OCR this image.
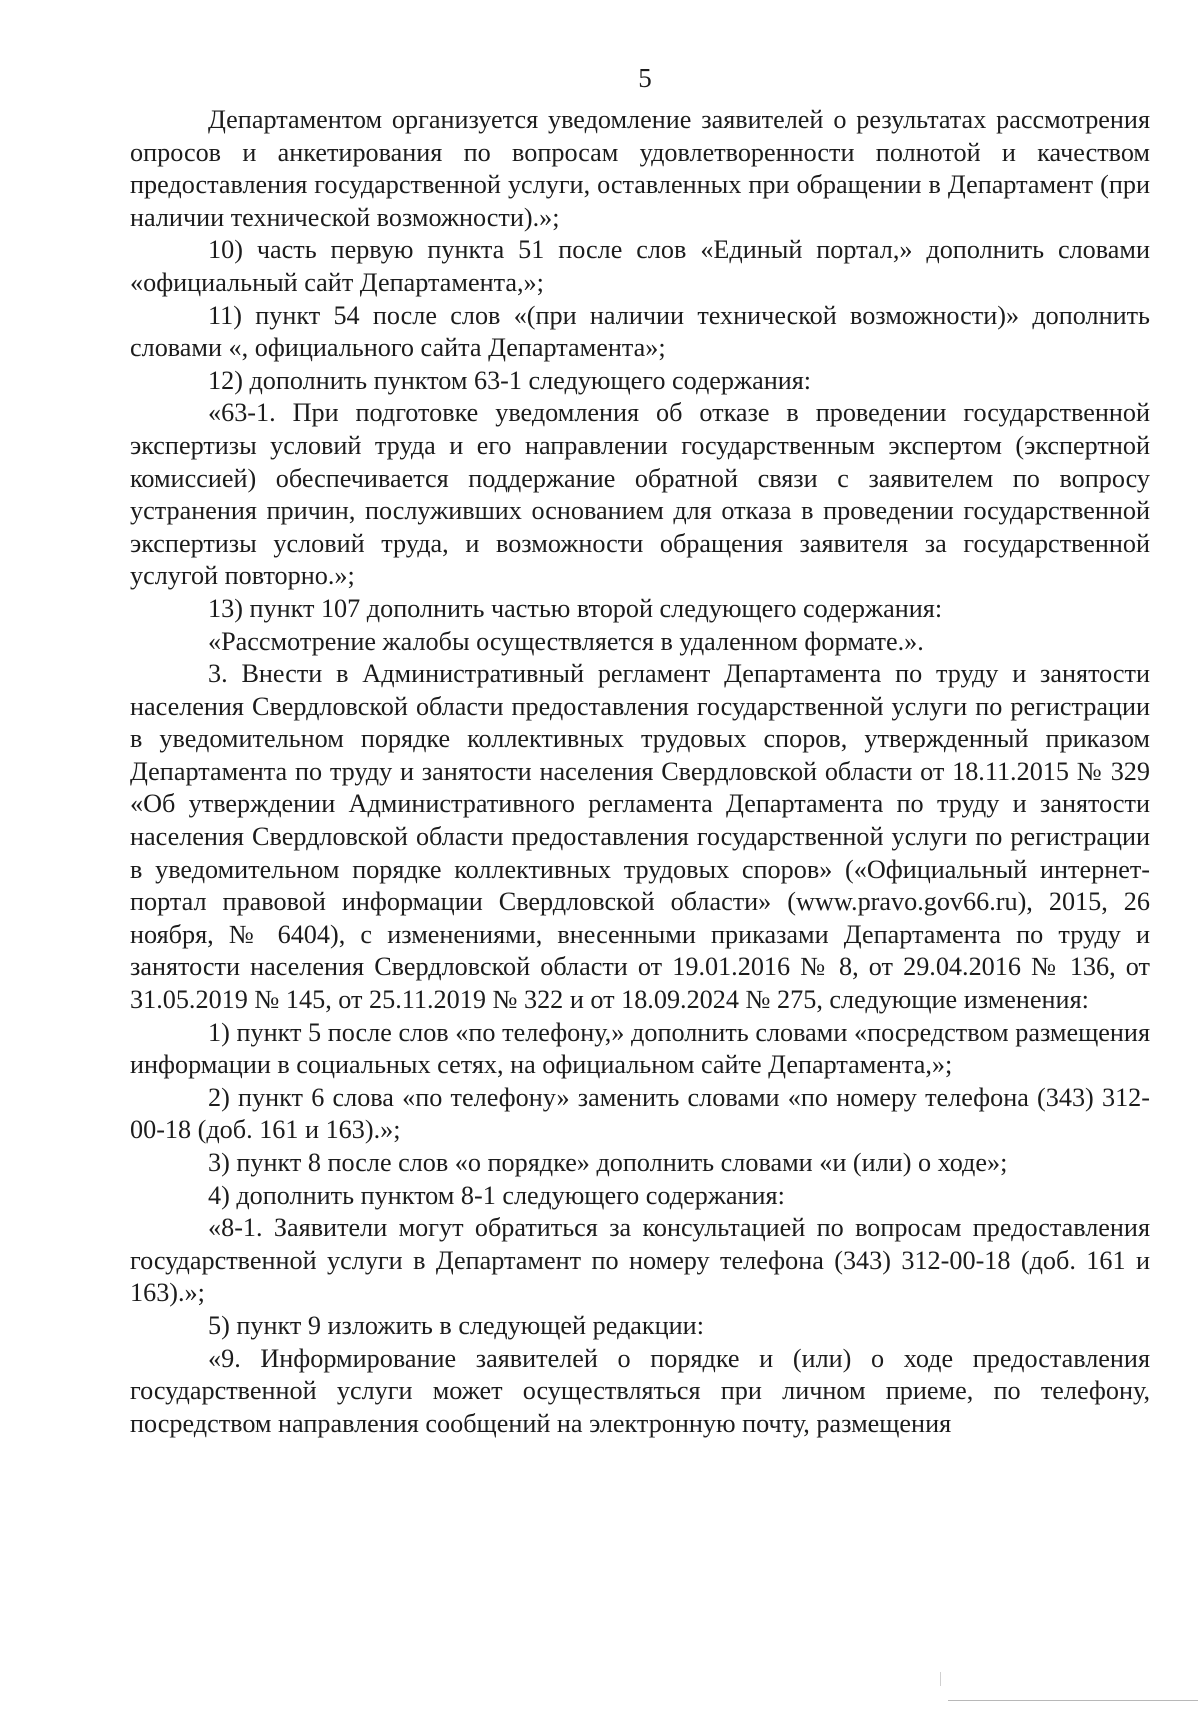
5

Департаментом организуется уведомление заявителей о результатах рассмотрения опросов и анкетирования по вопросам удовлетворенности полнотой и качеством предоставления государственной услуги, оставленных при обращении в Департамент (при наличии технической возможности).»;

10) часть первую пункта 51 после слов «Единый портал,» дополнить словами «официальный сайт Департамента,»;

11) пункт 54 после слов «(при наличии технической возможности)» дополнить словами «, официального сайта Департамента»;

12) дополнить пунктом 63-1 следующего содержания:

«63-1. При подготовке уведомления об отказе в проведении государственной экспертизы условий труда и его направлении государственным экспертом (экспертной комиссией) обеспечивается поддержание обратной связи с заявителем по вопросу устранения причин, послуживших основанием для отказа в проведении государственной экспертизы условий труда, и возможности обращения заявителя за государственной услугой повторно.»;

13) пункт 107 дополнить частью второй следующего содержания:

«Рассмотрение жалобы осуществляется в удаленном формате.».

3. Внести в Административный регламент Департамента по труду и занятости населения Свердловской области предоставления государственной услуги по регистрации в уведомительном порядке коллективных трудовых споров, утвержденный приказом Департамента по труду и занятости населения Свердловской области от 18.11.2015 № 329 «Об утверждении Административного регламента Департамента по труду и занятости населения Свердловской области предоставления государственной услуги по регистрации в уведомительном порядке коллективных трудовых споров» («Официальный интернет-портал правовой информации Свердловской области» (www.pravo.gov66.ru), 2015, 26 ноября, № 6404), с изменениями, внесенными приказами Департамента по труду и занятости населения Свердловской области от 19.01.2016 № 8, от 29.04.2016 № 136, от 31.05.2019 № 145, от 25.11.2019 № 322 и от 18.09.2024 № 275, следующие изменения:

1) пункт 5 после слов «по телефону,» дополнить словами «посредством размещения информации в социальных сетях, на официальном сайте Департамента,»;

2) пункт 6 слова «по телефону» заменить словами «по номеру телефона (343) 312-00-18 (доб. 161 и 163).»;

3) пункт 8 после слов «о порядке» дополнить словами «и (или) о ходе»;

4) дополнить пунктом 8-1 следующего содержания:

«8-1. Заявители могут обратиться за консультацией по вопросам предоставления государственной услуги в Департамент по номеру телефона (343) 312-00-18 (доб. 161 и 163).»;

5) пункт 9 изложить в следующей редакции:

«9. Информирование заявителей о порядке и (или) о ходе предоставления государственной услуги может осуществляться при личном приеме, по телефону, посредством направления сообщений на электронную почту, размещения
